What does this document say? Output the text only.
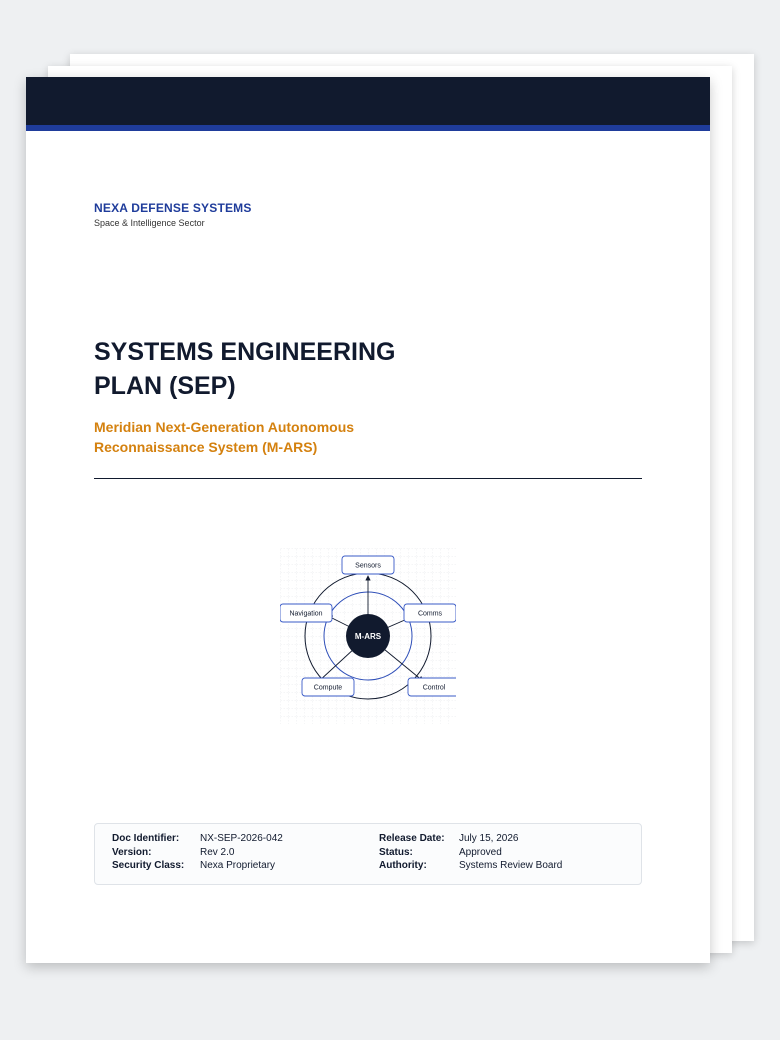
NEXA DEFENSE SYSTEMS
Space & Intelligence Sector
SYSTEMS ENGINEERING
PLAN (SEP)
Meridian Next-Generation Autonomous
Reconnaissance System (M-ARS)
Sensors
Comms
Control
Compute
Navigation
M-ARS
Doc Identifier: NX-SEP-2026-042
Version:	Rev 2.0
Security Class: Nexa Proprietary
Release Date: July 15, 2026
Status:	Approved
Authority:	Systems Review Board
